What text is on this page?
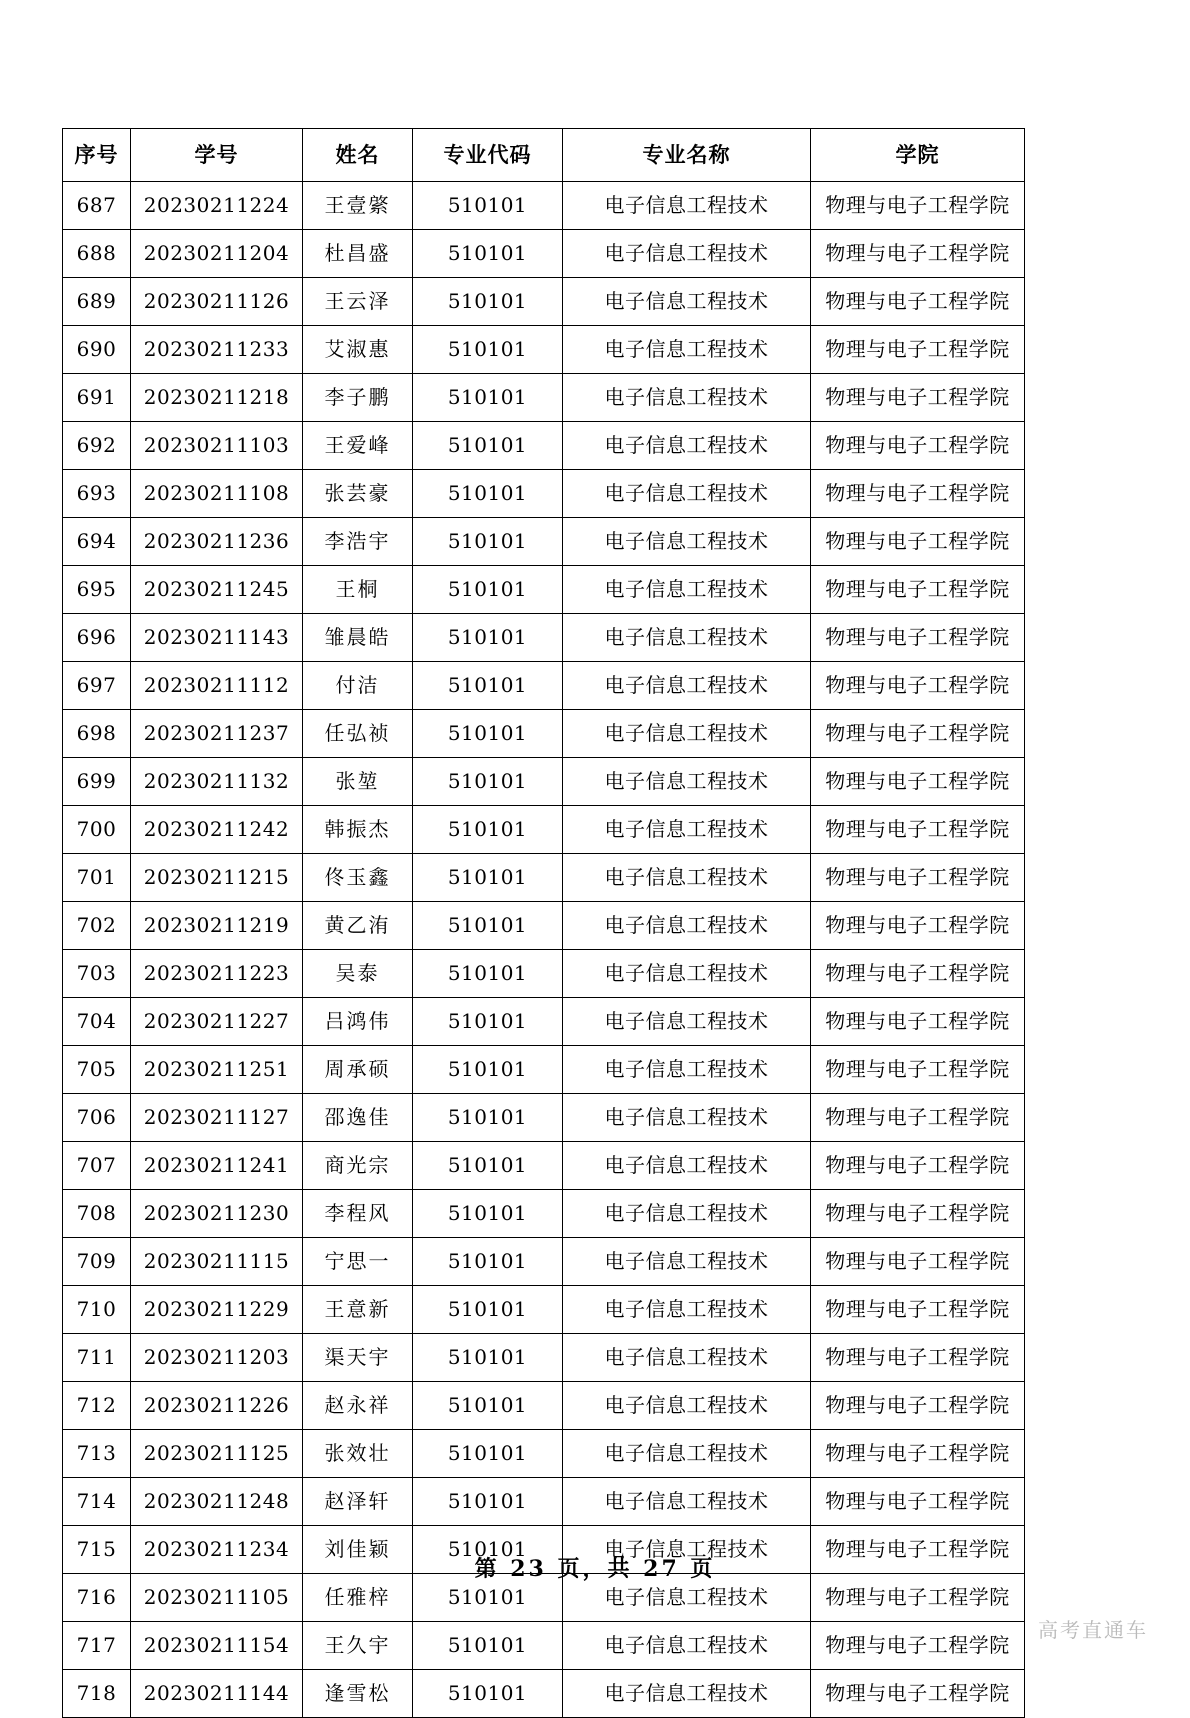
序号	学号	姓名	专业代码	专业名称	学院
687	20230211224	王壹綮	510101	电子信息工程技术	物理与电子工程学院
688	20230211204	杜昌盛	510101	电子信息工程技术	物理与电子工程学院
689	20230211126	王云泽	510101	电子信息工程技术	物理与电子工程学院
690	20230211233	艾淑惠	510101	电子信息工程技术	物理与电子工程学院
691	20230211218	李子鹏	510101	电子信息工程技术	物理与电子工程学院
692	20230211103	王爱峰	510101	电子信息工程技术	物理与电子工程学院
693	20230211108	张芸豪	510101	电子信息工程技术	物理与电子工程学院
694	20230211236	李浩宇	510101	电子信息工程技术	物理与电子工程学院
695	20230211245	王桐	510101	电子信息工程技术	物理与电子工程学院
696	20230211143	雏晨皓	510101	电子信息工程技术	物理与电子工程学院
697	20230211112	付洁	510101	电子信息工程技术	物理与电子工程学院
698	20230211237	任弘祯	510101	电子信息工程技术	物理与电子工程学院
699	20230211132	张堃	510101	电子信息工程技术	物理与电子工程学院
700	20230211242	韩振杰	510101	电子信息工程技术	物理与电子工程学院
701	20230211215	佟玉鑫	510101	电子信息工程技术	物理与电子工程学院
702	20230211219	黄乙洧	510101	电子信息工程技术	物理与电子工程学院
703	20230211223	吴泰	510101	电子信息工程技术	物理与电子工程学院
704	20230211227	吕鸿伟	510101	电子信息工程技术	物理与电子工程学院
705	20230211251	周承硕	510101	电子信息工程技术	物理与电子工程学院
706	20230211127	邵逸佳	510101	电子信息工程技术	物理与电子工程学院
707	20230211241	商光宗	510101	电子信息工程技术	物理与电子工程学院
708	20230211230	李程风	510101	电子信息工程技术	物理与电子工程学院
709	20230211115	宁思一	510101	电子信息工程技术	物理与电子工程学院
710	20230211229	王意新	510101	电子信息工程技术	物理与电子工程学院
711	20230211203	渠天宇	510101	电子信息工程技术	物理与电子工程学院
712	20230211226	赵永祥	510101	电子信息工程技术	物理与电子工程学院
713	20230211125	张效壮	510101	电子信息工程技术	物理与电子工程学院
714	20230211248	赵泽轩	510101	电子信息工程技术	物理与电子工程学院
715	20230211234	刘佳颖	510101	电子信息工程技术	物理与电子工程学院
716	20230211105	任雅梓	510101	电子信息工程技术	物理与电子工程学院
717	20230211154	王久宇	510101	电子信息工程技术	物理与电子工程学院
718	20230211144	逢雪松	510101	电子信息工程技术	物理与电子工程学院
第 23 页，共 27 页
高考直通车
